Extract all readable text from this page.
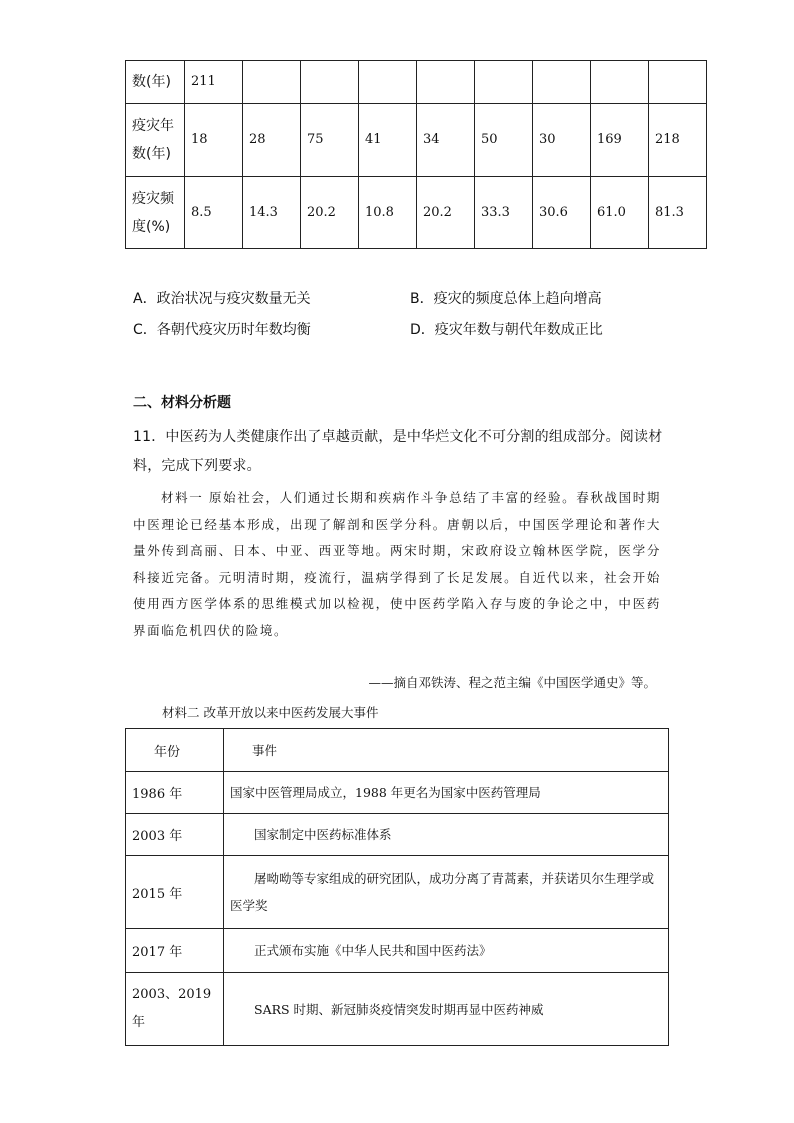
数(年)	211								
疫灾年数(年)	18	28	75	41	34	50	30	169	218
疫灾频度(%)	8.5	14.3	20.2	10.8	20.2	33.3	30.6	61.0	81.3
A．政治状况与疫灾数量无关	B．疫灾的频度总体上趋向增高
C．各朝代疫灾历时年数均衡	D．疫灾年数与朝代年数成正比
二、材料分析题
11．中医药为人类健康作出了卓越贡献，是中华烂文化不可分割的组成部分。阅读材料，完成下列要求。
材料一 原始社会，人们通过长期和疾病作斗争总结了丰富的经验。春秋战国时期中医理论已经基本形成，出现了解剖和医学分科。唐朝以后，中国医学理论和著作大量外传到高丽、日本、中亚、西亚等地。两宋时期，宋政府设立翰林医学院，医学分科接近完备。元明清时期，疫流行，温病学得到了长足发展。自近代以来，社会开始使用西方医学体系的思维模式加以检视，使中医药学陷入存与废的争论之中，中医药界面临危机四伏的险境。
——摘自邓铁涛、程之范主编《中国医学通史》等。
材料二 改革开放以来中医药发展大事件
年份	事件
1986 年	国家中医管理局成立，1988 年更名为国家中医药管理局
2003 年	国家制定中医药标准体系
2015 年	屠呦呦等专家组成的研究团队，成功分离了青蒿素，并获诺贝尔生理学或医学奖
2017 年	正式颁布实施《中华人民共和国中医药法》
2003、2019 年	SARS 时期、新冠肺炎疫情突发时期再显中医药神威
